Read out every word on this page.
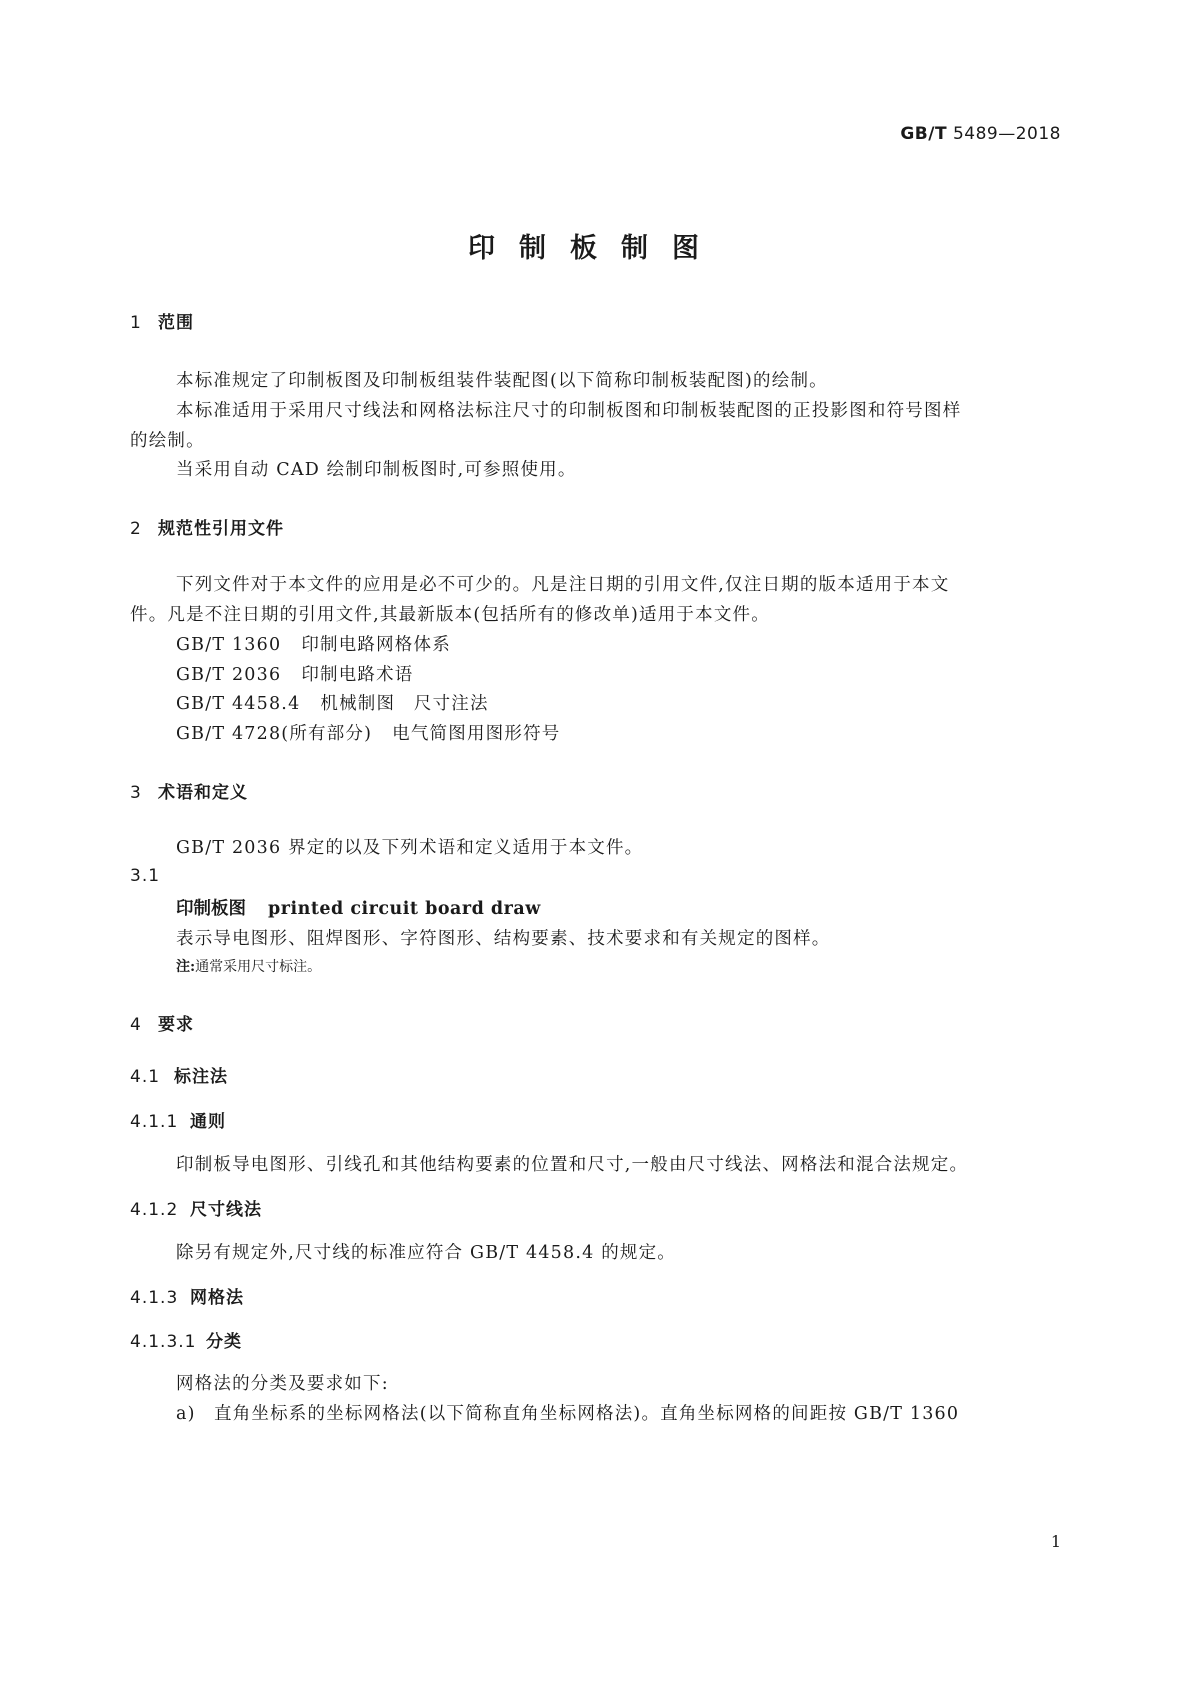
GB/T 5489—2018
印制板制图
1 范围
本标准规定了印制板图及印制板组装件装配图(以下简称印制板装配图)的绘制。
本标准适用于采用尺寸线法和网格法标注尺寸的印制板图和印制板装配图的正投影图和符号图样
的绘制。
当采用自动 CAD 绘制印制板图时,可参照使用。
2 规范性引用文件
下列文件对于本文件的应用是必不可少的。凡是注日期的引用文件,仅注日期的版本适用于本文
件。凡是不注日期的引用文件,其最新版本(包括所有的修改单)适用于本文件。
GB/T 1360 印制电路网格体系
GB/T 2036 印制电路术语
GB/T 4458.4 机械制图　尺寸注法
GB/T 4728(所有部分) 电气简图用图形符号
3 术语和定义
GB/T 2036 界定的以及下列术语和定义适用于本文件。
3.1
印制板图 printed circuit board draw
表示导电图形、阻焊图形、字符图形、结构要素、技术要求和有关规定的图样。
注:通常采用尺寸标注。
4 要求
4.1 标注法
4.1.1 通则
印制板导电图形、引线孔和其他结构要素的位置和尺寸,一般由尺寸线法、网格法和混合法规定。
4.1.2 尺寸线法
除另有规定外,尺寸线的标准应符合 GB/T 4458.4 的规定。
4.1.3 网格法
4.1.3.1 分类
网格法的分类及要求如下:
a) 直角坐标系的坐标网格法(以下简称直角坐标网格法)。直角坐标网格的间距按 GB/T 1360
1
